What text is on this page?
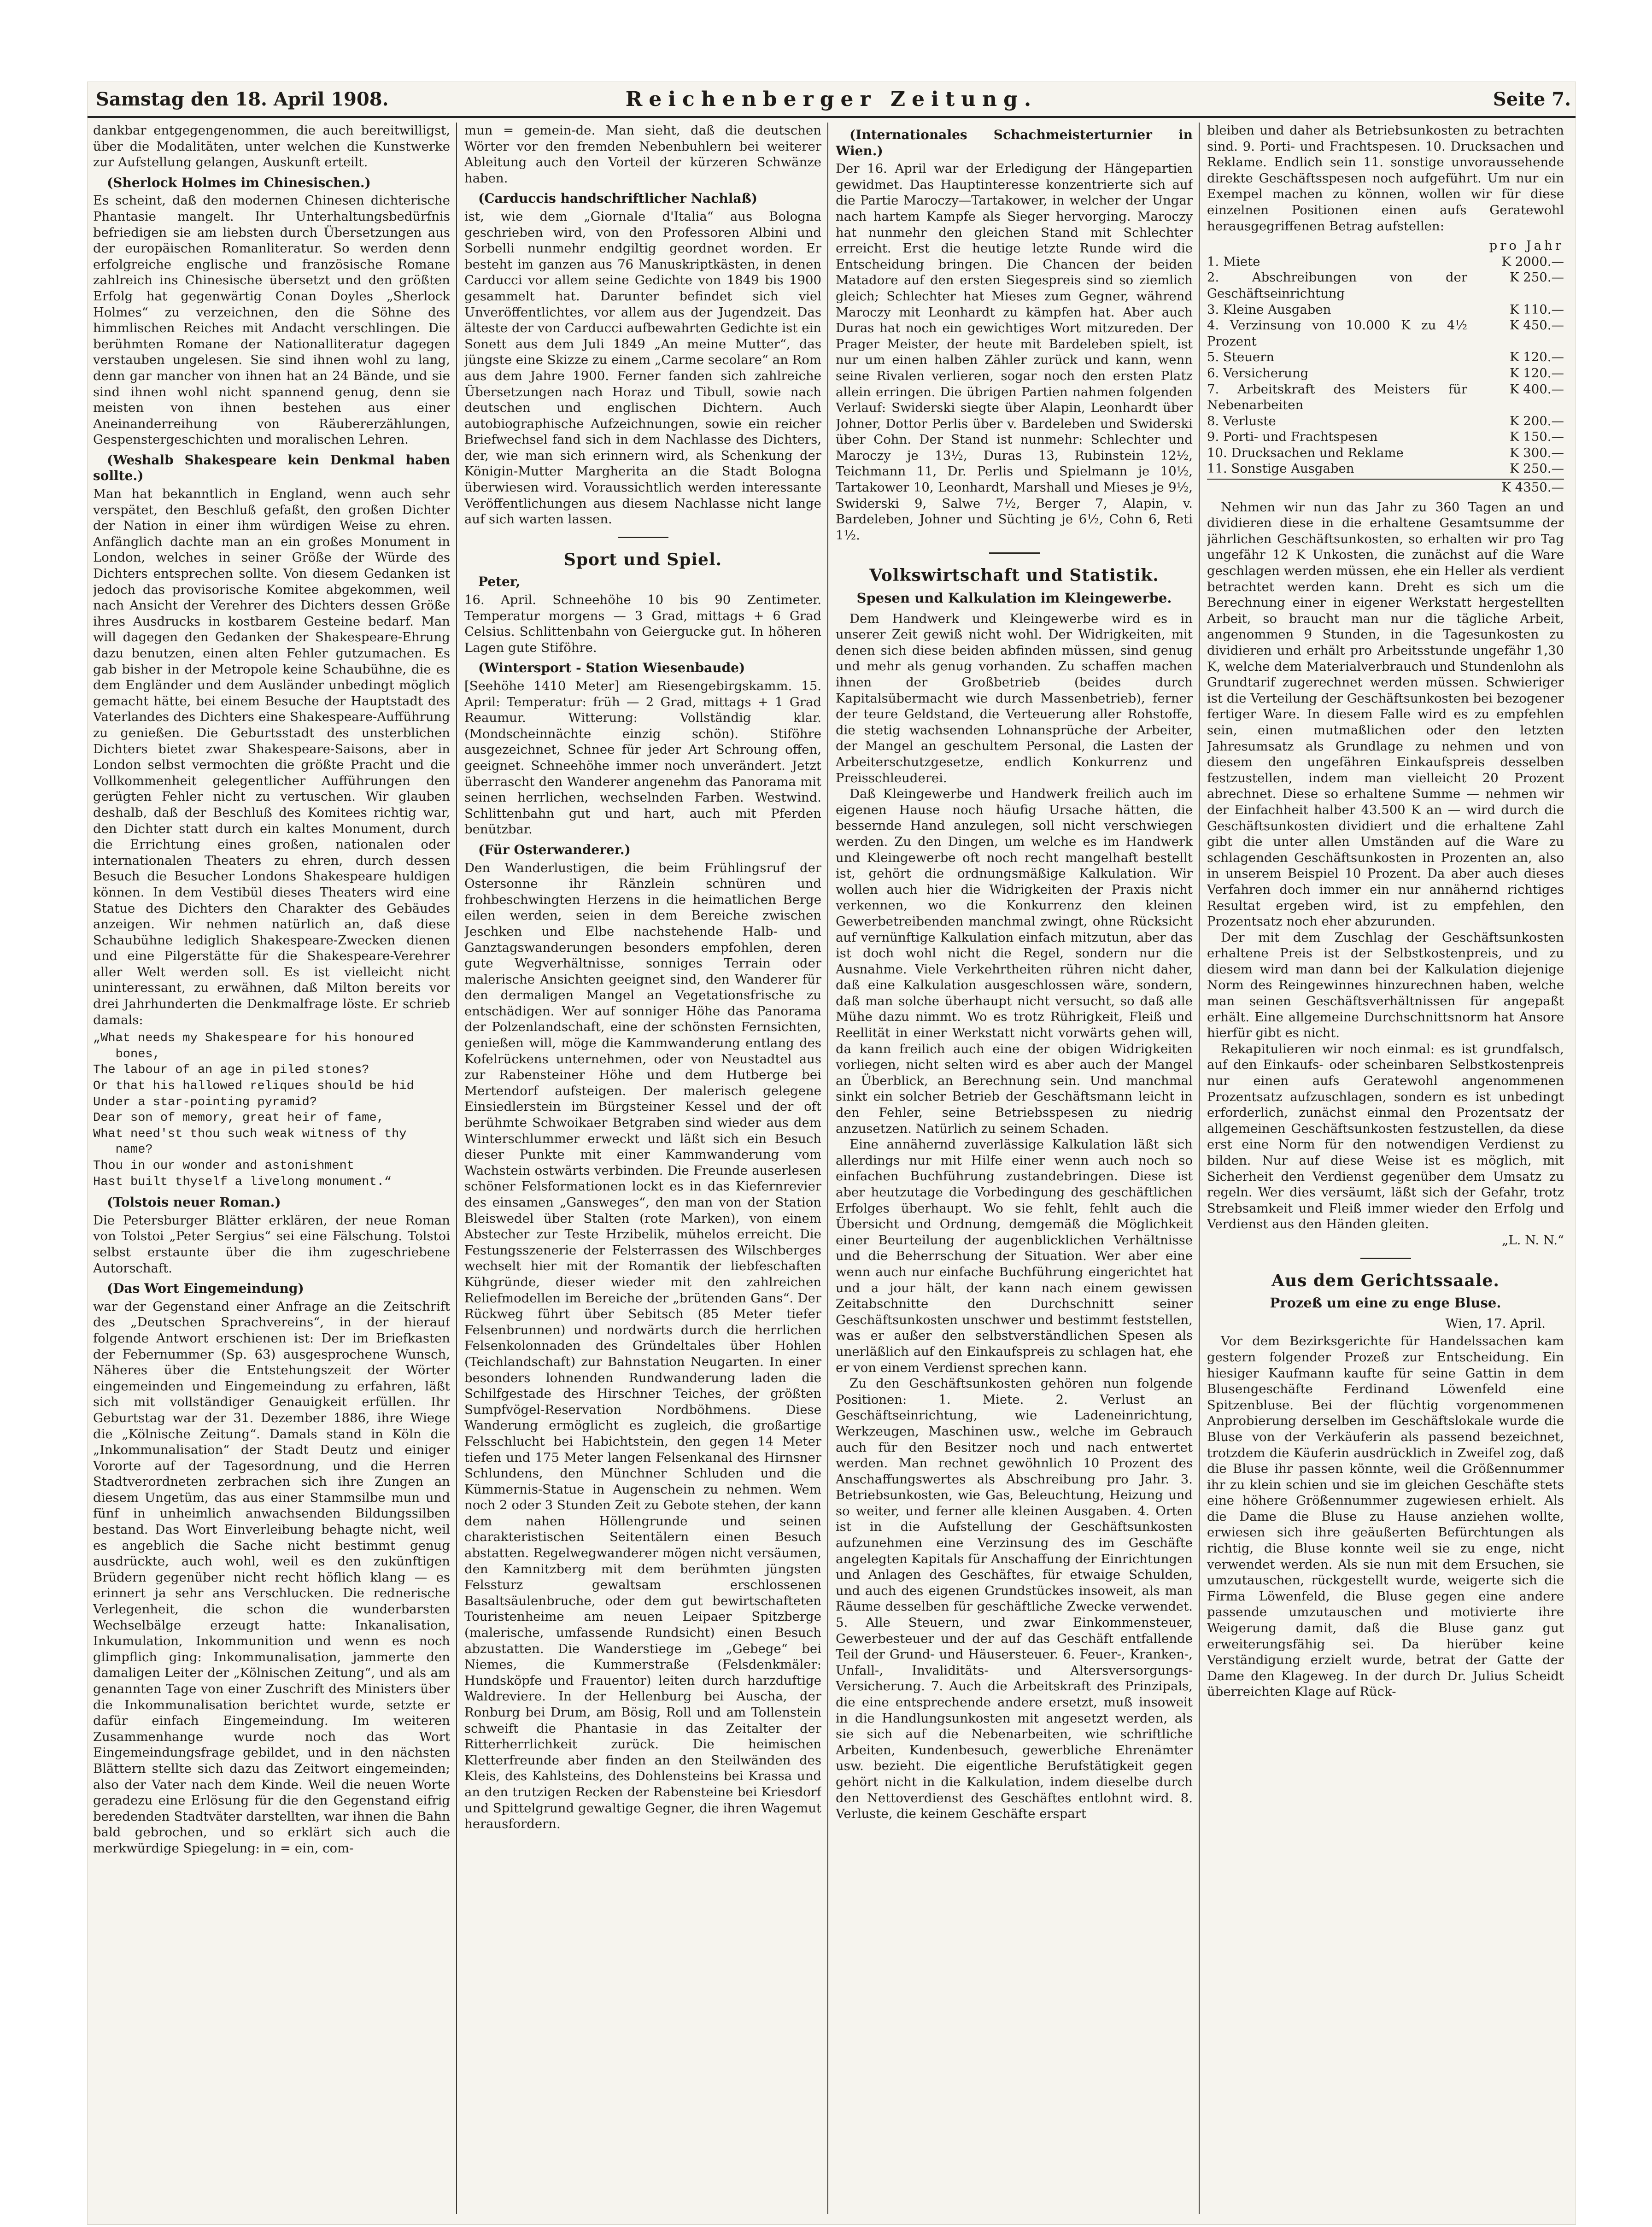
Samstag den 18. April 1908.	Reichenberger Zeitung.	Seite 7.

dankbar entgegengenommen, die auch bereitwilligst, über die Modalitäten, unter welchen die Kunstwerke zur Aufstellung gelangen, Auskunft erteilt.

(Sherlock Holmes im Chinesischen.)

Es scheint, daß den modernen Chinesen dichterische Phantasie mangelt. Ihr Unterhaltungsbedürfnis befriedigen sie am liebsten durch Übersetzungen aus der europäischen Romanliteratur. So werden denn erfolgreiche englische und französische Romane zahlreich ins Chinesische übersetzt und den größten Erfolg hat gegenwärtig Conan Doyles „Sherlock Holmes“ zu verzeichnen, den die Söhne des himmlischen Reiches mit Andacht verschlingen. Die berühmten Romane der Nationalliteratur dagegen verstauben ungelesen. Sie sind ihnen wohl zu lang, denn gar mancher von ihnen hat an 24 Bände, und sie sind ihnen wohl nicht spannend genug, denn sie meisten von ihnen bestehen aus einer Aneinanderreihung von Räubererzählungen, Gespenstergeschichten und moralischen Lehren.

(Weshalb Shakespeare kein Denkmal haben sollte.)

Man hat bekanntlich in England, wenn auch sehr verspätet, den Beschluß gefaßt, den großen Dichter der Nation in einer ihm würdigen Weise zu ehren. Anfänglich dachte man an ein großes Monument in London, welches in seiner Größe der Würde des Dichters entsprechen sollte. Von diesem Gedanken ist jedoch das provisorische Komitee abgekommen, weil nach Ansicht der Verehrer des Dichters dessen Größe ihres Ausdrucks in kostbarem Gesteine bedarf. Man will dagegen den Gedanken der Shakespeare-Ehrung dazu benutzen, einen alten Fehler gutzumachen. Es gab bisher in der Metropole keine Schaubühne, die es dem Engländer und dem Ausländer unbedingt möglich gemacht hätte, bei einem Besuche der Hauptstadt des Vaterlandes des Dichters eine Shakespeare-Aufführung zu genießen. Die Geburtsstadt des unsterblichen Dichters bietet zwar Shakespeare-Saisons, aber in London selbst vermochten die größte Pracht und die Vollkommenheit gelegentlicher Aufführungen den gerügten Fehler nicht zu vertuschen. Wir glauben deshalb, daß der Beschluß des Komitees richtig war, den Dichter statt durch ein kaltes Monument, durch die Errichtung eines großen, nationalen oder internationalen Theaters zu ehren, durch dessen Besuch die Besucher Londons Shakespeare huldigen können. In dem Vestibül dieses Theaters wird eine Statue des Dichters den Charakter des Gebäudes anzeigen. Wir nehmen natürlich an, daß diese Schaubühne lediglich Shakespeare-Zwecken dienen und eine Pilgerstätte für die Shakespeare-Verehrer aller Welt werden soll. Es ist vielleicht nicht uninteressant, zu erwähnen, daß Milton bereits vor drei Jahrhunderten die Denkmalfrage löste. Er schrieb damals:

„What needs my Shakespeare for his honoured
bones,
The labour of an age in piled stones?
Or that his hallowed reliques should be hid
Under a star-pointing pyramid?
Dear son of memory, great heir of fame,
What need'st thou such weak witness of thy
name?
Thou in our wonder and astonishment
Hast built thyself a livelong monument.“
(Tolstois neuer Roman.)

Die Petersburger Blätter erklären, der neue Roman von Tolstoi „Peter Sergius“ sei eine Fälschung. Tolstoi selbst erstaunte über die ihm zugeschriebene Autorschaft.

(Das Wort Eingemeindung)

war der Gegenstand einer Anfrage an die Zeitschrift des „Deutschen Sprachvereins“, in der hierauf folgende Antwort erschienen ist: Der im Briefkasten der Febernummer (Sp. 63) ausgesprochene Wunsch, Näheres über die Entstehungszeit der Wörter eingemeinden und Eingemeindung zu erfahren, läßt sich mit vollständiger Genauigkeit erfüllen. Ihr Geburtstag war der 31. Dezember 1886, ihre Wiege die „Kölnische Zeitung“. Damals stand in Köln die „Inkommunalisation“ der Stadt Deutz und einiger Vororte auf der Tagesordnung, und die Herren Stadtverordneten zerbrachen sich ihre Zungen an diesem Ungetüm, das aus einer Stammsilbe mun und fünf in unheimlich anwachsenden Bildungssilben bestand. Das Wort Einverleibung behagte nicht, weil es angeblich die Sache nicht bestimmt genug ausdrückte, auch wohl, weil es den zukünftigen Brüdern gegenüber nicht recht höflich klang — es erinnert ja sehr ans Verschlucken. Die rednerische Verlegenheit, die schon die wunderbarsten Wechselbälge erzeugt hatte: Inkanalisation, Inkumulation, Inkommunition und wenn es noch glimpflich ging: Inkommunalisation, jammerte den damaligen Leiter der „Kölnischen Zeitung“, und als am genannten Tage von einer Zuschrift des Ministers über die Inkommunalisation berichtet wurde, setzte er dafür einfach Eingemeindung. Im weiteren Zusammenhange wurde noch das Wort Eingemeindungsfrage gebildet, und in den nächsten Blättern stellte sich dazu das Zeitwort eingemeinden; also der Vater nach dem Kinde. Weil die neuen Worte geradezu eine Erlösung für die den Gegenstand eifrig beredenden Stadtväter darstellten, war ihnen die Bahn bald gebrochen, und so erklärt sich auch die merkwürdige Spiegelung: in = ein, com-

mun = gemein-de. Man sieht, daß die deutschen Wörter vor den fremden Nebenbuhlern bei weiterer Ableitung auch den Vorteil der kürzeren Schwänze haben.

(Carduccis handschriftlicher Nachlaß)

ist, wie dem „Giornale d'Italia“ aus Bologna geschrieben wird, von den Professoren Albini und Sorbelli nunmehr endgiltig geordnet worden. Er besteht im ganzen aus 76 Manuskriptkästen, in denen Carducci vor allem seine Gedichte von 1849 bis 1900 gesammelt hat. Darunter befindet sich viel Unveröffentlichtes, vor allem aus der Jugendzeit. Das älteste der von Carducci aufbewahrten Gedichte ist ein Sonett aus dem Juli 1849 „An meine Mutter“, das jüngste eine Skizze zu einem „Carme secolare“ an Rom aus dem Jahre 1900. Ferner fanden sich zahlreiche Übersetzungen nach Horaz und Tibull, sowie nach deutschen und englischen Dichtern. Auch autobiographische Aufzeichnungen, sowie ein reicher Briefwechsel fand sich in dem Nachlasse des Dichters, der, wie man sich erinnern wird, als Schenkung der Königin-Mutter Margherita an die Stadt Bologna überwiesen wird. Voraussichtlich werden interessante Veröffentlichungen aus diesem Nachlasse nicht lange auf sich warten lassen.

Sport und Spiel.
Peter,

16. April. Schneehöhe 10 bis 90 Zentimeter. Temperatur morgens — 3 Grad, mittags + 6 Grad Celsius. Schlittenbahn von Geiergucke gut. In höheren Lagen gute Stiföhre.

(Wintersport - Station Wiesenbaude)

[Seehöhe 1410 Meter] am Riesengebirgskamm. 15. April: Temperatur: früh — 2 Grad, mittags + 1 Grad Reaumur. Witterung: Vollständig klar. (Mondscheinnächte einzig schön). Stiföhre ausgezeichnet, Schnee für jeder Art Schroung offen, geeignet. Schneehöhe immer noch unverändert. Jetzt überrascht den Wanderer angenehm das Panorama mit seinen herrlichen, wechselnden Farben. Westwind. Schlittenbahn gut und hart, auch mit Pferden benützbar.

(Für Osterwanderer.)

Den Wanderlustigen, die beim Frühlingsruf der Ostersonne ihr Ränzlein schnüren und frohbeschwingten Herzens in die heimatlichen Berge eilen werden, seien in dem Bereiche zwischen Jeschken und Elbe nachstehende Halb- und Ganztagswanderungen besonders empfohlen, deren gute Wegverhältnisse, sonniges Terrain oder malerische Ansichten geeignet sind, den Wanderer für den dermaligen Mangel an Vegetationsfrische zu entschädigen. Wer auf sonniger Höhe das Panorama der Polzenlandschaft, eine der schönsten Fernsichten, genießen will, möge die Kammwanderung entlang des Kofelrückens unternehmen, oder von Neustadtel aus zur Rabensteiner Höhe und dem Hutberge bei Mertendorf aufsteigen. Der malerisch gelegene Einsiedlerstein im Bürgsteiner Kessel und der oft berühmte Schwoikaer Betgraben sind wieder aus dem Winterschlummer erweckt und läßt sich ein Besuch dieser Punkte mit einer Kammwanderung vom Wachstein ostwärts verbinden. Die Freunde auserlesen schöner Felsformationen lockt es in das Kiefernrevier des einsamen „Gansweges“, den man von der Station Bleiswedel über Stalten (rote Marken), von einem Abstecher zur Teste Hrzibelik, mühelos erreicht. Die Festungsszenerie der Felsterrassen des Wilschberges wechselt hier mit der Romantik der liebfeschaften Kühgründe, dieser wieder mit den zahlreichen Reliefmodellen im Bereiche der „brütenden Gans“. Der Rückweg führt über Sebitsch (85 Meter tiefer Felsenbrunnen) und nordwärts durch die herrlichen Felsenkolonnaden des Gründeltales über Hohlen (Teichlandschaft) zur Bahnstation Neugarten. In einer besonders lohnenden Rundwanderung laden die Schilfgestade des Hirschner Teiches, der größten Sumpfvögel-Reservation Nordböhmens. Diese Wanderung ermöglicht es zugleich, die großartige Felsschlucht bei Habichtstein, den gegen 14 Meter tiefen und 175 Meter langen Felsenkanal des Hirnsner Schlundens, den Münchner Schluden und die Kümmernis-Statue in Augenschein zu nehmen. Wem noch 2 oder 3 Stunden Zeit zu Gebote stehen, der kann dem nahen Höllengrunde und seinen charakteristischen Seitentälern einen Besuch abstatten. Regelwegwanderer mögen nicht versäumen, den Kamnitzberg mit dem berühmten jüngsten Felssturz gewaltsam erschlossenen Basaltsäulenbruche, oder dem gut bewirtschafteten Touristenheime am neuen Leipaer Spitzberge (malerische, umfassende Rundsicht) einen Besuch abzustatten. Die Wanderstiege im „Gebege“ bei Niemes, die Kummerstraße (Felsdenkmäler: Hundsköpfe und Frauentor) leiten durch harzduftige Waldreviere. In der Hellenburg bei Auscha, der Ronburg bei Drum, am Bösig, Roll und am Tollenstein schweift die Phantasie in das Zeitalter der Ritterherrlichkeit zurück. Die heimischen Kletterfreunde aber finden an den Steilwänden des Kleis, des Kahlsteins, des Dohlensteins bei Krassa und an den trutzigen Recken der Rabensteine bei Kriesdorf und Spittelgrund gewaltige Gegner, die ihren Wagemut herausfordern.

(Internationales Schachmeisterturnier in Wien.)

Der 16. April war der Erledigung der Hängepartien gewidmet. Das Hauptinteresse konzentrierte sich auf die Partie Maroczy—Tartakower, in welcher der Ungar nach hartem Kampfe als Sieger hervorging. Maroczy hat nunmehr den gleichen Stand mit Schlechter erreicht. Erst die heutige letzte Runde wird die Entscheidung bringen. Die Chancen der beiden Matadore auf den ersten Siegespreis sind so ziemlich gleich; Schlechter hat Mieses zum Gegner, während Maroczy mit Leonhardt zu kämpfen hat. Aber auch Duras hat noch ein gewichtiges Wort mitzureden. Der Prager Meister, der heute mit Bardeleben spielt, ist nur um einen halben Zähler zurück und kann, wenn seine Rivalen verlieren, sogar noch den ersten Platz allein erringen. Die übrigen Partien nahmen folgenden Verlauf: Swiderski siegte über Alapin, Leonhardt über Johner, Dottor Perlis über v. Bardeleben und Swiderski über Cohn. Der Stand ist nunmehr: Schlechter und Maroczy je 13½, Duras 13, Rubinstein 12½, Teichmann 11, Dr. Perlis und Spielmann je 10½, Tartakower 10, Leonhardt, Marshall und Mieses je 9½, Swiderski 9, Salwe 7½, Berger 7, Alapin, v. Bardeleben, Johner und Süchting je 6½, Cohn 6, Reti 1½.

Volkswirtschaft und Statistik.
Spesen und Kalkulation im Kleingewerbe.

Dem Handwerk und Kleingewerbe wird es in unserer Zeit gewiß nicht wohl. Der Widrigkeiten, mit denen sich diese beiden abfinden müssen, sind genug und mehr als genug vorhanden. Zu schaffen machen ihnen der Großbetrieb (beides durch Kapitalsübermacht wie durch Massenbetrieb), ferner der teure Geldstand, die Verteuerung aller Rohstoffe, die stetig wachsenden Lohnansprüche der Arbeiter, der Mangel an geschultem Personal, die Lasten der Arbeiterschutzgesetze, endlich Konkurrenz und Preisschleuderei.

Daß Kleingewerbe und Handwerk freilich auch im eigenen Hause noch häufig Ursache hätten, die bessernde Hand anzulegen, soll nicht verschwiegen werden. Zu den Dingen, um welche es im Handwerk und Kleingewerbe oft noch recht mangelhaft bestellt ist, gehört die ordnungsmäßige Kalkulation. Wir wollen auch hier die Widrigkeiten der Praxis nicht verkennen, wo die Konkurrenz den kleinen Gewerbetreibenden manchmal zwingt, ohne Rücksicht auf vernünftige Kalkulation einfach mitzutun, aber das ist doch wohl nicht die Regel, sondern nur die Ausnahme. Viele Verkehrtheiten rühren nicht daher, daß eine Kalkulation ausgeschlossen wäre, sondern, daß man solche überhaupt nicht versucht, so daß alle Mühe dazu nimmt. Wo es trotz Rührigkeit, Fleiß und Reellität in einer Werkstatt nicht vorwärts gehen will, da kann freilich auch eine der obigen Widrigkeiten vorliegen, nicht selten wird es aber auch der Mangel an Überblick, an Berechnung sein. Und manchmal sinkt ein solcher Betrieb der Geschäftsmann leicht in den Fehler, seine Betriebsspesen zu niedrig anzusetzen. Natürlich zu seinem Schaden.

Eine annähernd zuverlässige Kalkulation läßt sich allerdings nur mit Hilfe einer wenn auch noch so einfachen Buchführung zustandebringen. Diese ist aber heutzutage die Vorbedingung des geschäftlichen Erfolges überhaupt. Wo sie fehlt, fehlt auch die Übersicht und Ordnung, demgemäß die Möglichkeit einer Beurteilung der augenblicklichen Verhältnisse und die Beherrschung der Situation. Wer aber eine wenn auch nur einfache Buchführung eingerichtet hat und a jour hält, der kann nach einem gewissen Zeitabschnitte den Durchschnitt seiner Geschäftsunkosten unschwer und bestimmt feststellen, was er außer den selbstverständlichen Spesen als unerläßlich auf den Einkaufspreis zu schlagen hat, ehe er von einem Verdienst sprechen kann.

Zu den Geschäftsunkosten gehören nun folgende Positionen: 1. Miete. 2. Verlust an Geschäftseinrichtung, wie Ladeneinrichtung, Werkzeugen, Maschinen usw., welche im Gebrauch auch für den Besitzer noch und nach entwertet werden. Man rechnet gewöhnlich 10 Prozent des Anschaffungswertes als Abschreibung pro Jahr. 3. Betriebsunkosten, wie Gas, Beleuchtung, Heizung und so weiter, und ferner alle kleinen Ausgaben. 4. Orten ist in die Aufstellung der Geschäftsunkosten aufzunehmen eine Verzinsung des im Geschäfte angelegten Kapitals für Anschaffung der Einrichtungen und Anlagen des Geschäftes, für etwaige Schulden, und auch des eigenen Grundstückes insoweit, als man Räume desselben für geschäftliche Zwecke verwendet. 5. Alle Steuern, und zwar Einkommensteuer, Gewerbesteuer und der auf das Geschäft entfallende Teil der Grund- und Häusersteuer. 6. Feuer-, Kranken-, Unfall-, Invaliditäts- und Altersversorgungs-Versicherung. 7. Auch die Arbeitskraft des Prinzipals, die eine entsprechende andere ersetzt, muß insoweit in die Handlungsunkosten mit angesetzt werden, als sie sich auf die Nebenarbeiten, wie schriftliche Arbeiten, Kundenbesuch, gewerbliche Ehrenämter usw. bezieht. Die eigentliche Berufstätigkeit gegen gehört nicht in die Kalkulation, indem dieselbe durch den Nettoverdienst des Geschäftes entlohnt wird. 8. Verluste, die keinem Geschäfte erspart

bleiben und daher als Betriebsunkosten zu betrachten sind. 9. Porti- und Frachtspesen. 10. Drucksachen und Reklame. Endlich sein 11. sonstige unvoraussehende direkte Geschäftsspesen noch aufgeführt. Um nur ein Exempel machen zu können, wollen wir für diese einzelnen Positionen einen aufs Geratewohl herausgegriffenen Betrag aufstellen:

pro Jahr
1. Miete	K 2000.—
2. Abschreibungen von der Geschäftseinrichtung
K 250.—
3. Kleine Ausgaben	K 110.—
4. Verzinsung von 10.000 K zu 4½ Prozent
K 450.—
5. Steuern	K 120.—
6. Versicherung	K 120.—
7. Arbeitskraft des Meisters für Nebenarbeiten
K 400.—
8. Verluste	K 200.—
9. Porti- und Frachtspesen	K 150.—
10. Drucksachen und Reklame	K 300.—
11. Sonstige Ausgaben	K 250.—
K 4350.—

Nehmen wir nun das Jahr zu 360 Tagen an und dividieren diese in die erhaltene Gesamtsumme der jährlichen Geschäftsunkosten, so erhalten wir pro Tag ungefähr 12 K Unkosten, die zunächst auf die Ware geschlagen werden müssen, ehe ein Heller als verdient betrachtet werden kann. Dreht es sich um die Berechnung einer in eigener Werkstatt hergestellten Arbeit, so braucht man nur die tägliche Arbeit, angenommen 9 Stunden, in die Tagesunkosten zu dividieren und erhält pro Arbeitsstunde ungefähr 1,30 K, welche dem Materialverbrauch und Stundenlohn als Grundtarif zugerechnet werden müssen. Schwieriger ist die Verteilung der Geschäftsunkosten bei bezogener fertiger Ware. In diesem Falle wird es zu empfehlen sein, einen mutmaßlichen oder den letzten Jahresumsatz als Grundlage zu nehmen und von diesem den ungefähren Einkaufspreis desselben festzustellen, indem man vielleicht 20 Prozent abrechnet. Diese so erhaltene Summe — nehmen wir der Einfachheit halber 43.500 K an — wird durch die Geschäftsunkosten dividiert und die erhaltene Zahl gibt die unter allen Umständen auf die Ware zu schlagenden Geschäftsunkosten in Prozenten an, also in unserem Beispiel 10 Prozent. Da aber auch dieses Verfahren doch immer ein nur annähernd richtiges Resultat ergeben wird, ist zu empfehlen, den Prozentsatz noch eher abzurunden.

Der mit dem Zuschlag der Geschäftsunkosten erhaltene Preis ist der Selbstkostenpreis, und zu diesem wird man dann bei der Kalkulation diejenige Norm des Reingewinnes hinzurechnen haben, welche man seinen Geschäftsverhältnissen für angepaßt erhält. Eine allgemeine Durchschnittsnorm hat Ansore hierfür gibt es nicht.

Rekapitulieren wir noch einmal: es ist grundfalsch, auf den Einkaufs- oder scheinbaren Selbstkostenpreis nur einen aufs Geratewohl angenommenen Prozentsatz aufzuschlagen, sondern es ist unbedingt erforderlich, zunächst einmal den Prozentsatz der allgemeinen Geschäftsunkosten festzustellen, da diese erst eine Norm für den notwendigen Verdienst zu bilden. Nur auf diese Weise ist es möglich, mit Sicherheit den Verdienst gegenüber dem Umsatz zu regeln. Wer dies versäumt, läßt sich der Gefahr, trotz Strebsamkeit und Fleiß immer wieder den Erfolg und Verdienst aus den Händen gleiten.

„L. N. N.“

Aus dem Gerichtssaale.
Prozeß um eine zu enge Bluse.

Wien, 17. April.

Vor dem Bezirksgerichte für Handelssachen kam gestern folgender Prozeß zur Entscheidung. Ein hiesiger Kaufmann kaufte für seine Gattin in dem Blusengeschäfte Ferdinand Löwenfeld eine Spitzenbluse. Bei der flüchtig vorgenommenen Anprobierung derselben im Geschäftslokale wurde die Bluse von der Verkäuferin als passend bezeichnet, trotzdem die Käuferin ausdrücklich in Zweifel zog, daß die Bluse ihr passen könnte, weil die Größennummer ihr zu klein schien und sie im gleichen Geschäfte stets eine höhere Größennummer zugewiesen erhielt. Als die Dame die Bluse zu Hause anziehen wollte, erwiesen sich ihre geäußerten Befürchtungen als richtig, die Bluse konnte weil sie zu enge, nicht verwendet werden. Als sie nun mit dem Ersuchen, sie umzutauschen, rückgestellt wurde, weigerte sich die Firma Löwenfeld, die Bluse gegen eine andere passende umzutauschen und motivierte ihre Weigerung damit, daß die Bluse ganz gut erweiterungsfähig sei. Da hierüber keine Verständigung erzielt wurde, betrat der Gatte der Dame den Klageweg. In der durch Dr. Julius Scheidt überreichten Klage auf Rück-
